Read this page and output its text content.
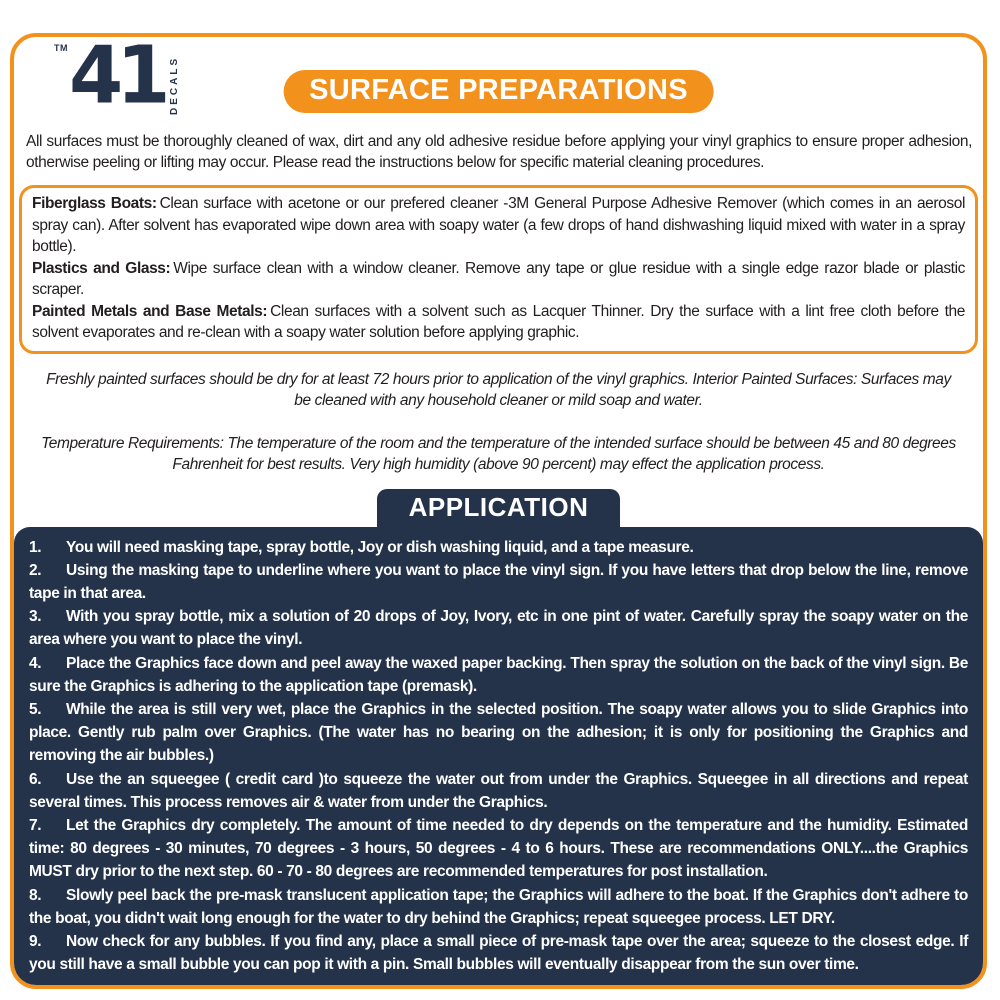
TM 41 DECALS	SURFACE PREPARATIONS

All surfaces must be thoroughly cleaned of wax, dirt and any old adhesive residue before applying your vinyl graphics to ensure proper adhesion, otherwise peeling or lifting may occur. Please read the instructions below for specific material cleaning procedures.

Fiberglass Boats: Clean surface with acetone or our prefered cleaner -3M General Purpose Adhesive Remover (which comes in an aerosol spray can). After solvent has evaporated wipe down area with soapy water (a few drops of hand dishwashing liquid mixed with water in a spray bottle).

Plastics and Glass: Wipe surface clean with a window cleaner. Remove any tape or glue residue with a single edge razor blade or plastic scraper.

Painted Metals and Base Metals: Clean surfaces with a solvent such as Lacquer Thinner. Dry the surface with a lint free cloth before the solvent evaporates and re-clean with a soapy water solution before applying graphic.

Freshly painted surfaces should be dry for at least 72 hours prior to application of the vinyl graphics. Interior Painted Surfaces: Surfaces may be cleaned with any household cleaner or mild soap and water.

Temperature Requirements: The temperature of the room and the temperature of the intended surface should be between 45 and 80 degrees Fahrenheit for best results. Very high humidity (above 90 percent) may effect the application process.

APPLICATION

1. You will need masking tape, spray bottle, Joy or dish washing liquid, and a tape measure.

2. Using the masking tape to underline where you want to place the vinyl sign. If you have letters that drop below the line, remove tape in that area.

3. With you spray bottle, mix a solution of 20 drops of Joy, Ivory, etc in one pint of water. Carefully spray the soapy water on the area where you want to place the vinyl.

4. Place the Graphics face down and peel away the waxed paper backing. Then spray the solution on the back of the vinyl sign. Be sure the Graphics is adhering to the application tape (premask).

5. While the area is still very wet, place the Graphics in the selected position. The soapy water allows you to slide Graphics into place. Gently rub palm over Graphics. (The water has no bearing on the adhesion; it is only for positioning the Graphics and removing the air bubbles.)

6. Use the an squeegee ( credit card )to squeeze the water out from under the Graphics. Squeegee in all directions and repeat several times. This process removes air & water from under the Graphics.

7. Let the Graphics dry completely. The amount of time needed to dry depends on the temperature and the humidity. Estimated time: 80 degrees - 30 minutes, 70 degrees - 3 hours, 50 degrees - 4 to 6 hours. These are recommendations ONLY....the Graphics MUST dry prior to the next step. 60 - 70 - 80 degrees are recommended temperatures for post installation.

8. Slowly peel back the pre-mask translucent application tape; the Graphics will adhere to the boat. If the Graphics don't adhere to the boat, you didn't wait long enough for the water to dry behind the Graphics; repeat squeegee process. LET DRY.

9. Now check for any bubbles. If you find any, place a small piece of pre-mask tape over the area; squeeze to the closest edge. If you still have a small bubble you can pop it with a pin. Small bubbles will eventually disappear from the sun over time.
